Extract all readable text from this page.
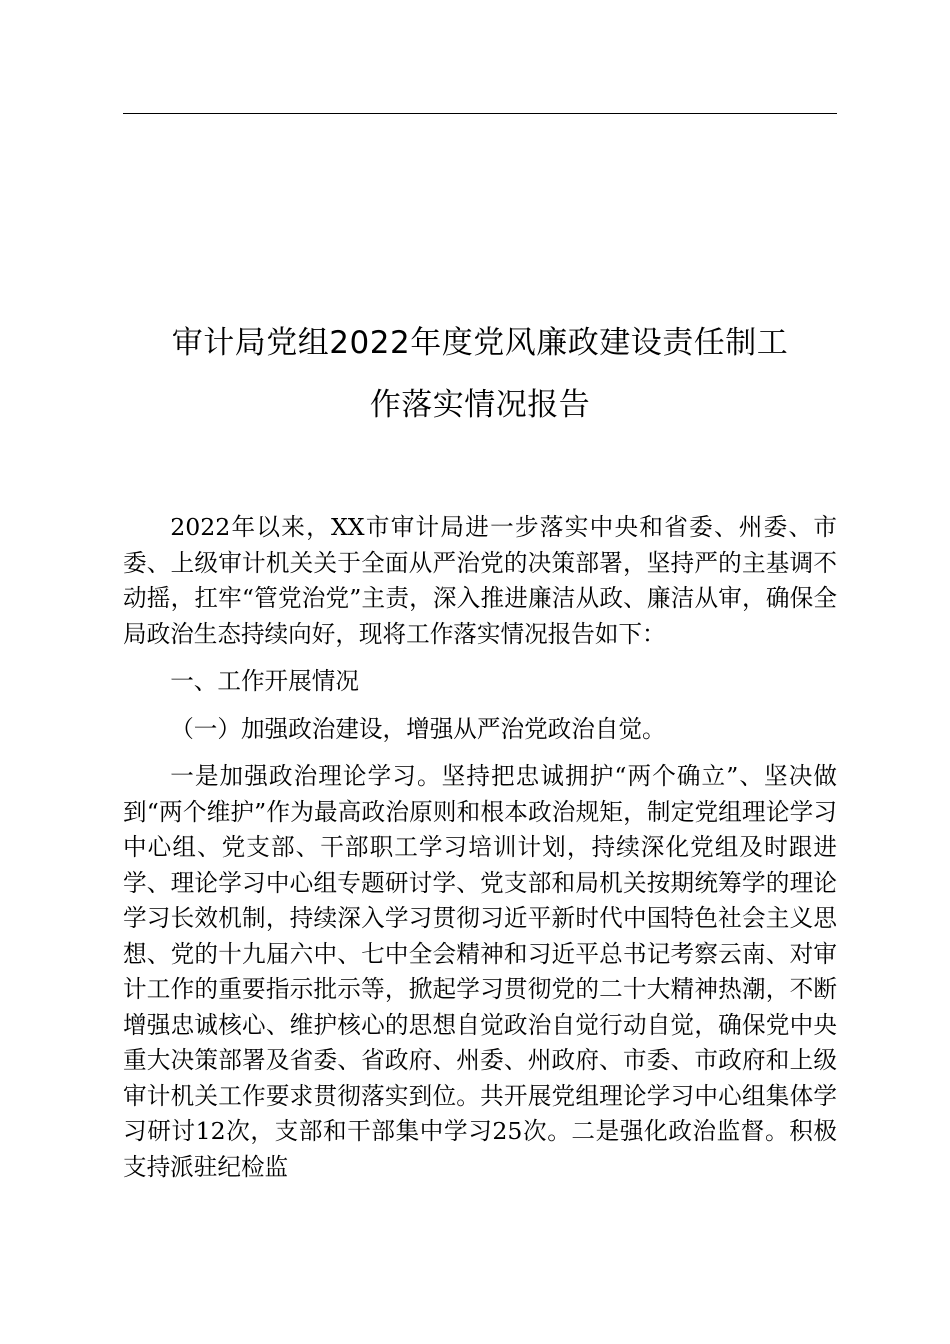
审计局党组2022年度党风廉政建设责任制工
作落实情况报告

2022年以来，XX市审计局进一步落实中央和省委、州委、市委、上级审计机关关于全面从严治党的决策部署，坚持严的主基调不动摇，扛牢“管党治党”主责，深入推进廉洁从政、廉洁从审，确保全局政治生态持续向好，现将工作落实情况报告如下：

一、工作开展情况

（一）加强政治建设，增强从严治党政治自觉。

一是加强政治理论学习。坚持把忠诚拥护“两个确立”、坚决做到“两个维护”作为最高政治原则和根本政治规矩，制定党组理论学习中心组、党支部、干部职工学习培训计划，持续深化党组及时跟进学、理论学习中心组专题研讨学、党支部和局机关按期统筹学的理论学习长效机制，持续深入学习贯彻习近平新时代中国特色社会主义思想、党的十九届六中、七中全会精神和习近平总书记考察云南、对审计工作的重要指示批示等，掀起学习贯彻党的二十大精神热潮，不断增强忠诚核心、维护核心的思想自觉政治自觉行动自觉，确保党中央重大决策部署及省委、省政府、州委、州政府、市委、市政府和上级审计机关工作要求贯彻落实到位。共开展党组理论学习中心组集体学习研讨12次，支部和干部集中学习25次。二是强化政治监督。积极支持派驻纪检监
